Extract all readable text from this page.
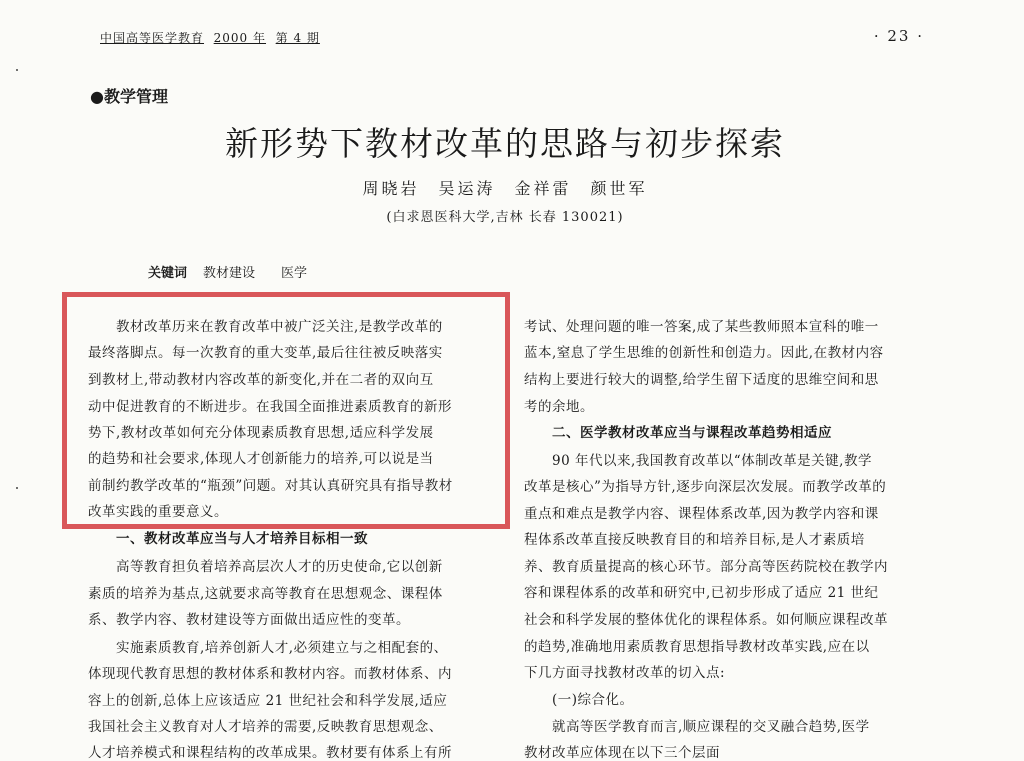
中国高等医学教育 2000 年 第 4 期	· 23 ·
●教学管理
新形势下教材改革的思路与初步探索
周晓岩　吴运涛　金祥雷　颜世军
(白求恩医科大学,吉林 长春 130021)
关键词 教材建设 医学
教材改革历来在教育改革中被广泛关注,是教学改革的
最终落脚点。每一次教育的重大变革,最后往往被反映落实
到教材上,带动教材内容改革的新变化,并在二者的双向互
动中促进教育的不断进步。在我国全面推进素质教育的新形
势下,教材改革如何充分体现素质教育思想,适应科学发展
的趋势和社会要求,体现人才创新能力的培养,可以说是当
前制约教学改革的“瓶颈”问题。对其认真研究具有指导教材
改革实践的重要意义。
一、教材改革应当与人才培养目标相一致
高等教育担负着培养高层次人才的历史使命,它以创新
素质的培养为基点,这就要求高等教育在思想观念、课程体
系、教学内容、教材建设等方面做出适应性的变革。
实施素质教育,培养创新人才,必须建立与之相配套的、
体现现代教育思想的教材体系和教材内容。而教材体系、内
容上的创新,总体上应该适应 21 世纪社会和科学发展,适应
我国社会主义教育对人才培养的需要,反映教育思想观念、
人才培养模式和课程结构的改革成果。教材要有体系上有所
考试、处理问题的唯一答案,成了某些教师照本宣科的唯一
蓝本,窒息了学生思维的创新性和创造力。因此,在教材内容
结构上要进行较大的调整,给学生留下适度的思维空间和思
考的余地。
二、医学教材改革应当与课程改革趋势相适应
90 年代以来,我国教育改革以“体制改革是关键,教学
改革是核心”为指导方针,逐步向深层次发展。而教学改革的
重点和难点是教学内容、课程体系改革,因为教学内容和课
程体系改革直接反映教育目的和培养目标,是人才素质培
养、教育质量提高的核心环节。部分高等医药院校在教学内
容和课程体系的改革和研究中,已初步形成了适应 21 世纪
社会和科学发展的整体优化的课程体系。如何顺应课程改革
的趋势,准确地用素质教育思想指导教材改革实践,应在以
下几方面寻找教材改革的切入点:
(一)综合化。
就高等医学教育而言,顺应课程的交叉融合趋势,医学
教材改革应体现在以下三个层面
